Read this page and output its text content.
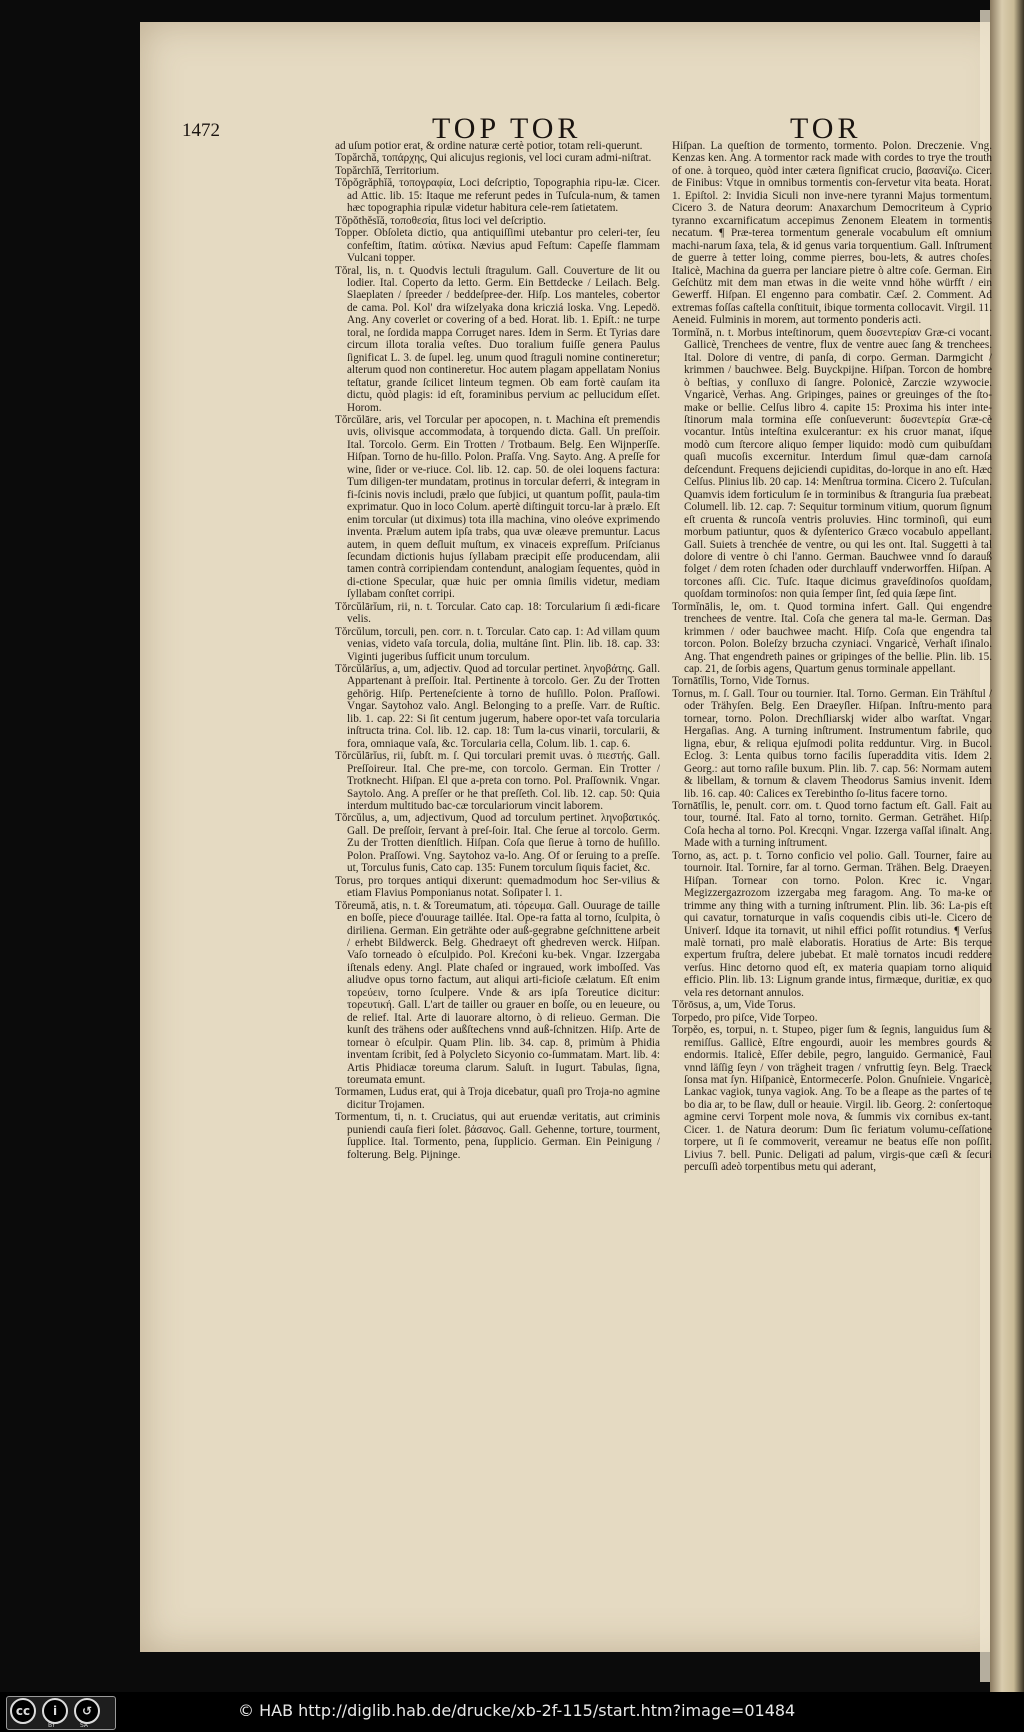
1472	TOP TOR	TOR

ad uſum potior erat, & ordine naturæ certè potior, totam reli-querunt.

Topărchă, τοπάρχης, Qui alicujus regionis, vel loci curam admi-niſtrat.

Topărchĭă, Territorium.

Tŏpŏgrăphĭă, τοπογραφία, Loci deſcriptio, Topographia ripu-læ. Cicer. ad Attic. lib. 15: Itaque me referunt pedes in Tuſcula-num, & tamen hæc topographia ripulæ videtur habitura cele-rem ſatietatem.

Tŏpŏthĕsĭă, τοποθεσία, ſitus loci vel deſcriptio.

Topper. Obſoleta dictio, qua antiquiſſimi utebantur pro celeri-ter, ſeu confeſtim, ſtatim. αὐτίκα. Nævius apud Feſtum: Capeſſe flammam Vulcani topper.

Tŏral, lis, n. t. Quodvis lectuli ſtragulum. Gall. Couverture de lit ou lodier. Ital. Coperto da letto. Germ. Ein Bettdecke / Leilach. Belg. Slaeplaten / ſpreeder / beddeſpree-der. Hiſp. Los manteles, cobertor de cama. Pol. Kol' dra wiſzelyaka dona kricziá loska. Vng. Lepedö. Ang. Any coverlet or covering of a bed. Horat. lib. 1. Epiſt.: ne turpe toral, ne ſordida mappa Corruget nares. Idem in Serm. Et Tyrias dare circum illota toralia veſtes. Duo toralium fuiſſe genera Paulus ſignificat L. 3. de ſupel. leg. unum quod ſtraguli nomine contineretur; alterum quod non contineretur. Hoc autem plagam appellatam Nonius teſtatur, grande ſcilicet linteum tegmen. Ob eam fortè cauſam ita dictu, quòd plagis: id eſt, foraminibus pervium ac pellucidum eſſet. Horom.

Tŏrcŭlāre, aris, vel Torcular per apocopen, n. t. Machina eſt premendis uvis, olivisque accommodata, à torquendo dicta. Gall. Un preſſoir. Ital. Torcolo. Germ. Ein Trotten / Trotbaum. Belg. Een Wijnperſſe. Hiſpan. Torno de hu-ſillo. Polon. Praſſa. Vng. Sayto. Ang. A preſſe for wine, ſider or ve-riuce. Col. lib. 12. cap. 50. de olei loquens factura: Tum diligen-ter mundatam, protinus in torcular deferri, & integram in fi-ſcinis novis includi, prælo que ſubjici, ut quantum poſſit, paula-tim exprimatur. Quo in loco Colum. apertè diſtinguit torcu-lar à prælo. Eſt enim torcular (ut diximus) tota illa machina, vino oleóve exprimendo inventa. Prælum autem ipſa trabs, qua uvæ oleæve premuntur. Lacus autem, in quem deſluit muſtum, ex vinaceis expreſſum. Priſcianus ſecundam dictionis hujus ſyllabam præcipit eſſe producendam, alii tamen contrà corripiendam contendunt, analogiam ſequentes, quòd in di-ctione Specular, quæ huic per omnia ſimilis videtur, mediam ſyllabam conſtet corripi.

Tŏrcŭlārĭum, rii, n. t. Torcular. Cato cap. 18: Torcularium ſi ædi-ficare velis.

Tŏrcŭlum, torculi, pen. corr. n. t. Torcular. Cato cap. 1: Ad villam quum venias, videto vaſa torcula, dolia, multáne ſint. Plin. lib. 18. cap. 33: Viginti jugeribus ſufficit unum torculum.

Tŏrcŭlārĭus, a, um, adjectiv. Quod ad torcular pertinet. ληνοβάτης. Gall. Appartenant à preſſoir. Ital. Pertinente à torcolo. Ger. Zu der Trotten gehörig. Hiſp. Perteneſciente à torno de huſillo. Polon. Praſſowi. Vngar. Saytohoz valo. Angl. Belonging to a preſſe. Varr. de Ruſtic. lib. 1. cap. 22: Si ſit centum jugerum, habere opor-tet vaſa torcularia inſtructa trina. Col. lib. 12. cap. 18: Tum la-cus vinarii, torcularii, & fora, omniaque vaſa, &c. Torcularia cella, Colum. lib. 1. cap. 6.

Tŏrcŭlārĭus, rii, ſubſt. m. ſ. Qui torculari premit uvas. ὁ πιεστής. Gall. Preſſoireur. Ital. Che pre-me, con torcolo. German. Ein Trotter / Trotknecht. Hiſpan. El que a-preta con torno. Pol. Praſſownik. Vngar. Saytolo. Ang. A preſſer or he that preſſeth. Col. lib. 12. cap. 50: Quia interdum multitudo bac-cæ torculariorum vincit laborem.

Tŏrcŭlus, a, um, adjectivum, Quod ad torculum pertinet. ληνοβατικός. Gall. De preſſoir, ſervant à preſ-ſoir. Ital. Che ſerue al torcolo. Germ. Zu der Trotten dienſtlich. Hiſpan. Coſa que ſierue à torno de huſillo. Polon. Praſſowi. Vng. Saytohoz va-lo. Ang. Of or ſeruing to a preſſe. ut, Torculus funis, Cato cap. 135: Funem torculum ſiquis faciet, &c.

Torus, pro torques antiqui dixerunt: quemadmodum hoc Ser-vilius & etiam Flavius Pomponianus notat. Soſipater l. 1.

Tŏreumă, atis, n. t. & Toreumatum, ati. τόρευμα. Gall. Ouurage de taille en boſſe, piece d'ouurage taillée. Ital. Ope-ra fatta al torno, ſculpita, ò diriliena. German. Ein geträhte oder auß-gegrabne geſchnittene arbeit / erhebt Bildwerck. Belg. Ghedraeyt oft ghedreven werck. Hiſpan. Vaſo torneado ò eſculpido. Pol. Krećoni ku-bek. Vngar. Izzergaba iſtenals edeny. Angl. Plate chaſed or ingraued, work imboſſed. Vas aliudve opus torno factum, aut aliqui arti-ficioſe cælatum. Eſt enim τορεύειν, torno ſculpere. Vnde & ars ipſa Toreutice dicitur: τορευτική. Gall. L'art de tailler ou grauer en boſſe, ou en leueure, ou de relief. Ital. Arte di lauorare altorno, ò di relieuo. German. Die kunſt des trähens oder außſtechens vnnd auß-ſchnitzen. Hiſp. Arte de tornear ò eſculpir. Quam Plin. lib. 34. cap. 8, primùm à Phidia inventam ſcribit, ſed à Polycleto Sicyonio co-ſummatam. Mart. lib. 4: Artis Phidiacæ toreuma clarum. Saluſt. in Iugurt. Tabulas, ſigna, toreumata emunt.

Tormamen, Ludus erat, qui à Troja dicebatur, quaſi pro Troja-no agmine dicitur Trojamen.

Tormentum, ti, n. t. Cruciatus, qui aut eruendæ veritatis, aut criminis puniendi cauſa fieri ſolet. βάσανος. Gall. Gehenne, torture, tourment, ſupplice. Ital. Tormento, pena, ſupplicio. German. Ein Peinigung / folterung. Belg. Pijninge.

Hiſpan. La queſtion de tormento, tormento. Polon. Dreczenie. Vng. Kenzas ken. Ang. A tormentor rack made with cordes to trye the trouth of one. à torqueo, quòd inter cætera ſignificat crucio, βασανίζω. Cicer. de Finibus: Vtque in omnibus tormentis con-ſervetur vita beata. Horat. 1. Epiſtol. 2: Invidia Siculi non inve-nere tyranni Majus tormentum. Cicero 3. de Natura deorum: Anaxarchum Democriteum à Cyprio tyranno excarnificatum accepimus Zenonem Eleatem in tormentis necatum. ¶ Præ-terea tormentum generale vocabulum eſt omnium machi-narum ſaxa, tela, & id genus varia torquentium. Gall. Inſtrument de guerre à tetter loing, comme pierres, bou-lets, & autres choſes. Italicè, Machina da guerra per lanciare pietre ò altre coſe. German. Ein Geſchütz mit dem man etwas in die weite vnnd höhe würfft / ein Gewerff. Hiſpan. El engenno para combatir. Cæſ. 2. Comment. Ad extremas foſſas caſtella conſtituit, ibique tormenta collocavit. Virgil. 11. Aeneid. Fulminis in morem, aut tormento ponderis acti.

Tormĭnă, n. t. Morbus inteſtinorum, quem δυσεντερίαν Græ-ci vocant. Gallicè, Trenchees de ventre, flux de ventre auec ſang & trenchees. Ital. Dolore di ventre, di panſa, di corpo. German. Darmgicht / krimmen / bauchwee. Belg. Buyckpijne. Hiſpan. Torcon de hombre ò beſtias, y conſluxo di ſangre. Polonicè, Zarczie wzywocie. Vngaricè, Verhas. Ang. Gripinges, paines or greuinges of the ſto-make or bellie. Celſus libro 4. capite 15: Proxima his inter inte-ſtinorum mala tormina eſſe conſueverunt: δυσεντερία Græ-cè vocantur. Intùs inteſtina exulcerantur: ex his cruor manat, iſque modò cum ſtercore aliquo ſemper liquido: modò cum quibuſdam quaſi mucoſis excernitur. Interdum ſimul quæ-dam carnoſa deſcendunt. Frequens dejiciendi cupiditas, do-lorque in ano eſt. Hæc Celſus. Plinius lib. 20 cap. 14: Menſtrua tormina. Cicero 2. Tuſculan. Quamvis idem forticulum ſe in torminibus & ſtranguria ſua præbeat. Columell. lib. 12. cap. 7: Sequitur torminum vitium, quorum ſignum eſt cruenta & runcoſa ventris proluvies. Hinc torminoſi, qui eum morbum patiuntur, quos & dyſenterico Græco vocabulo appellant. Gall. Suiets à trenchée de ventre, ou qui les ont. Ital. Suggetti à tal dolore di ventre ò chi l'anno. German. Bauchwee vnnd ſo darauß folget / dem roten ſchaden oder durchlauff vnderworffen. Hiſpan. A torcones aſſi. Cic. Tuſc. Itaque dicimus graveſdinoſos quoſdam, quoſdam torminoſos: non quia ſemper ſint, ſed quia ſæpe ſint.

Tormĭnālis, le, om. t. Quod tormina infert. Gall. Qui engendre trenchees de ventre. Ital. Coſa che genera tal ma-le. German. Das krimmen / oder bauchwee macht. Hiſp. Coſa que engendra tal torcon. Polon. Boleſzy brzucha czyniaci. Vngaricè, Verhaſt iſinalo. Ang. That engendreth paines or gripinges of the bellie. Plin. lib. 15. cap. 21, de ſorbis agens, Quartum genus torminale appellant.

Tornātĭlis, Torno, Vide Tornus.

Tornus, m. ſ. Gall. Tour ou tournier. Ital. Torno. German. Ein Trähſtul / oder Trähyſen. Belg. Een Draeyſler. Hiſpan. Inſtru-mento para tornear, torno. Polon. Drechſliarskj wider albo warſtat. Vngar. Hergaſias. Ang. A turning inſtrument. Instrumentum fabrile, quo ligna, ebur, & reliqua ejuſmodi polita redduntur. Virg. in Bucol. Eclog. 3: Lenta quibus torno facilis ſuperaddita vitis. Idem 2. Georg.: aut torno raſile buxum. Plin. lib. 7. cap. 56: Normam autem & libellam, & tornum & clavem Theodorus Samius invenit. Idem lib. 16. cap. 40: Calices ex Terebintho ſo-litus facere torno.

Tornātĭlis, le, penult. corr. om. t. Quod torno factum eſt. Gall. Fait au tour, tourné. Ital. Fato al torno, tornito. German. Geträhet. Hiſp. Coſa hecha al torno. Pol. Krecqni. Vngar. Izzerga vaſſal iſinalt. Ang. Made with a turning inſtrument.

Torno, as, act. p. t. Torno conficio vel polio. Gall. Tourner, faire au tournoir. Ital. Tornire, far al torno. German. Trähen. Belg. Draeyen. Hiſpan. Tornear con torno. Polon. Krec ic. Vngar. Megizzergazrozom izzergaba meg faragom. Ang. To ma-ke or trimme any thing with a turning inſtrument. Plin. lib. 36: La-pis eſt qui cavatur, tornaturque in vaſis coquendis cibis uti-le. Cicero de Univerſ. Idque ita tornavit, ut nihil effici poſſit rotundius. ¶ Verſus malè tornati, pro malè elaboratis. Horatius de Arte: Bis terque expertum fruſtra, delere jubebat. Et malè tornatos incudi reddere verſus. Hinc detorno quod eſt, ex materia quapiam torno aliquid efficio. Plin. lib. 13: Lignum grande intus, firmæque, duritiæ, ex quo vela res detornant annulos.

Tŏrōsus, a, um, Vide Torus.

Torpedo, pro piſce, Vide Torpeo.

Torpĕo, es, torpui, n. t. Stupeo, piger ſum & ſegnis, languidus ſum & remiſſus. Gallicè, Eſtre engourdi, auoir les membres gourds & endormis. Italicè, Eſſer debile, pegro, languido. Germanicè, Faul vnnd läſſig ſeyn / von trägheit tragen / vnfruttig ſeyn. Belg. Traeck ſonsa mat ſyn. Hiſpanicè, Entormecerſe. Polon. Gnuſnieie. Vngaricè, Lankac vagiok, tunya vagiok. Ang. To be a ſleape as the partes of te bo dia ar, to be ſlaw, dull or heauie. Virgil. lib. Georg. 2: conſertoque agmine cervi Torpent mole nova, & ſummis vix cornibus ex-tant. Cicer. 1. de Natura deorum: Dum ſic feriatum volumu-ceſſatione torpere, ut ſi ſe commoverit, vereamur ne beatus eſſe non poſſit. Livius 7. bell. Punic. Deligati ad palum, virgis-que cæſi & ſecuri percuſſi adeò torpentibus metu qui aderant,

cc	i	↺
BY	SA
© HAB http://diglib.hab.de/drucke/xb-2f-115/start.htm?image=01484
